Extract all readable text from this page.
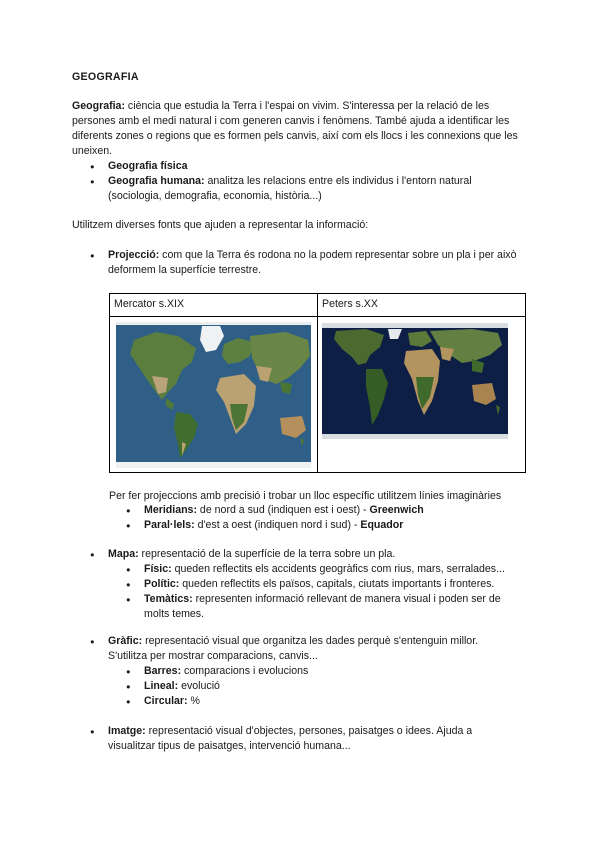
GEOGRAFIA
Geografia: ciència que estudia la Terra i l'espai on vivim. S'interessa per la relació de les persones amb el medi natural i com generen canvis i fenòmens. També ajuda a identificar les diferents zones o regions que es formen pels canvis, així com els llocs i les connexions que les uneixen.
● Geografia física
● Geografia humana: analitza les relacions entre els individus i l'entorn natural (sociologia, demografia, economia, història...)
Utilitzem diverses fonts que ajuden a representar la informació:
● Projecció: com que la Terra és rodona no la podem representar sobre un pla i per això deformem la superfície terrestre.
Mercator s.XIX	Peters s.XX
Per fer projeccions amb precisió i trobar un lloc específic utilitzem línies imaginàries
● Meridians: de nord a sud (indiquen est i oest) - Greenwich
● Paral·lels: d'est a oest (indiquen nord i sud) - Equador
● Mapa: representació de la superfície de la terra sobre un pla.
● Físic: queden reflectits els accidents geogràfics com rius, mars, serralades...
● Polític: queden reflectits els països, capitals, ciutats importants i fronteres.
● Temàtics: representen informació rellevant de manera visual i poden ser de molts temes.
● Gràfic: representació visual que organitza les dades perquè s'entenguin millor. S'utilitza per mostrar comparacions, canvis...
● Barres: comparacions i evolucions
● Lineal: evolució
● Circular: %
● Imatge: representació visual d'objectes, persones, paisatges o idees. Ajuda a visualitzar tipus de paisatges, intervenció humana...
